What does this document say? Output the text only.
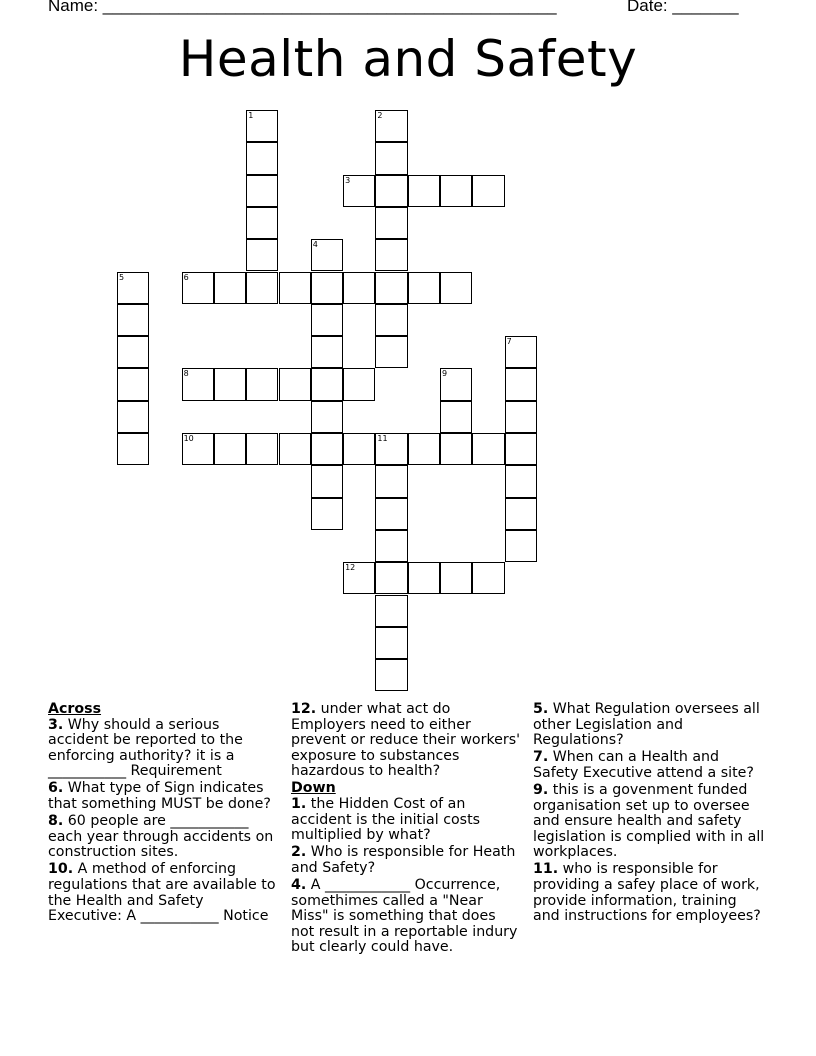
Name: ________________________________________________	Date: _______
Health and Safety
1	2
3
4
5	6
7
8	9
10	11
12
Across
3. Why should a serious accident be reported to the enforcing authority? it is a ___________ Requirement
6. What type of Sign indicates that something MUST be done?
8. 60 people are ___________ each year through accidents on construction sites.
10. A method of enforcing regulations that are available to the Health and Safety Executive: A ___________ Notice
12. under what act do Employers need to either prevent or reduce their workers' exposure to substances hazardous to health?
Down
1. the Hidden Cost of an accident is the initial costs multiplied by what?
2. Who is responsible for Heath and Safety?
4. A ____________ Occurrence, somethimes called a "Near Miss" is something that does not result in a reportable indury but clearly could have.
5. What Regulation oversees all other Legislation and Regulations?
7. When can a Health and Safety Executive attend a site?
9. this is a govenment funded organisation set up to oversee and ensure health and safety legislation is complied with in all workplaces.
11. who is responsible for providing a safey place of work, provide information, training and instructions for employees?
